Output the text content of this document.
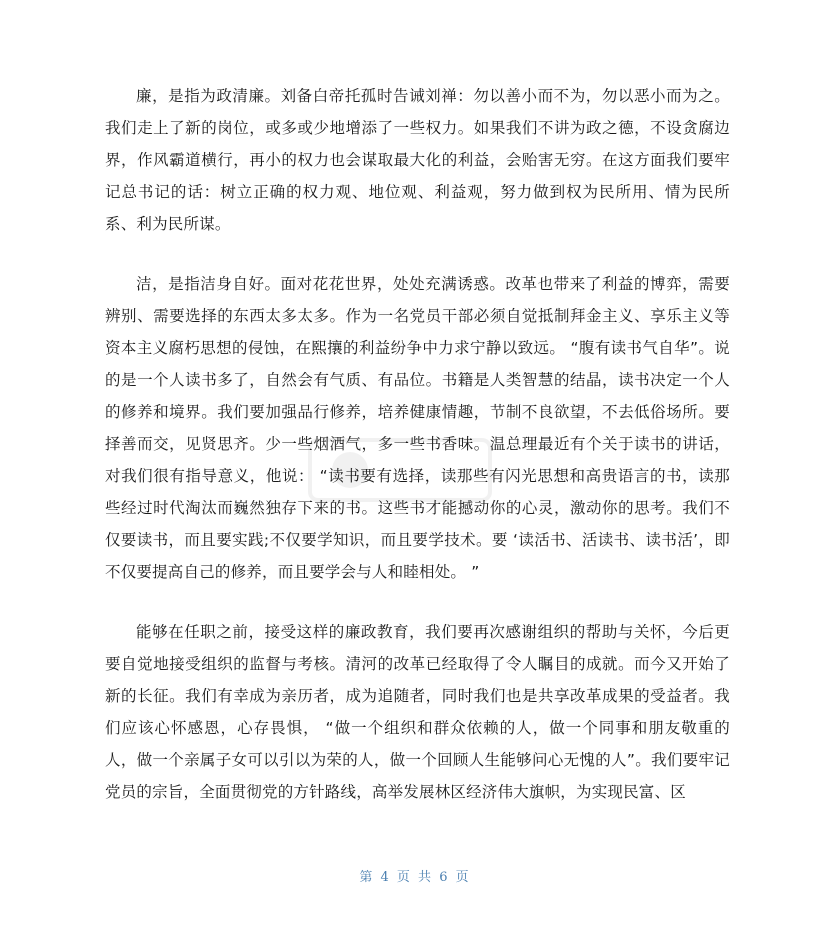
廉，是指为政清廉。刘备白帝托孤时告诫刘禅：勿以善小而不为，勿以恶小而为之。我们走上了新的岗位，或多或少地增添了一些权力。如果我们不讲为政之德，不设贪腐边界，作风霸道横行，再小的权力也会谋取最大化的利益，会贻害无穷。在这方面我们要牢记总书记的话：树立正确的权力观、地位观、利益观，努力做到权为民所用、情为民所系、利为民所谋。

洁，是指洁身自好。面对花花世界，处处充满诱惑。改革也带来了利益的博弈，需要辨别、需要选择的东西太多太多。作为一名党员干部必须自觉抵制拜金主义、享乐主义等资本主义腐朽思想的侵蚀，在熙攘的利益纷争中力求宁静以致远。 “腹有读书气自华”。说的是一个人读书多了，自然会有气质、有品位。书籍是人类智慧的结晶，读书决定一个人的修养和境界。我们要加强品行修养，培养健康情趣，节制不良欲望，不去低俗场所。要择善而交，见贤思齐。少一些烟酒气，多一些书香味。温总理最近有个关于读书的讲话，对我们很有指导意义，他说： “读书要有选择，读那些有闪光思想和高贵语言的书，读那些经过时代淘汰而巍然独存下来的书。这些书才能撼动你的心灵，激动你的思考。我们不仅要读书，而且要实践;不仅要学知识，而且要学技术。要 ‘读活书、活读书、读书活’，即不仅要提高自己的修养，而且要学会与人和睦相处。 ”

能够在任职之前，接受这样的廉政教育，我们要再次感谢组织的帮助与关怀，今后更要自觉地接受组织的监督与考核。清河的改革已经取得了令人瞩目的成就。而今又开始了新的长征。我们有幸成为亲历者，成为追随者，同时我们也是共享改革成果的受益者。我们应该心怀感恩，心存畏惧， “做一个组织和群众依赖的人，做一个同事和朋友敬重的人，做一个亲属子女可以引以为荣的人，做一个回顾人生能够问心无愧的人”。我们要牢记党员的宗旨，全面贯彻党的方针路线，高举发展林区经济伟大旗帜，为实现民富、区

第 4 页 共 6 页
